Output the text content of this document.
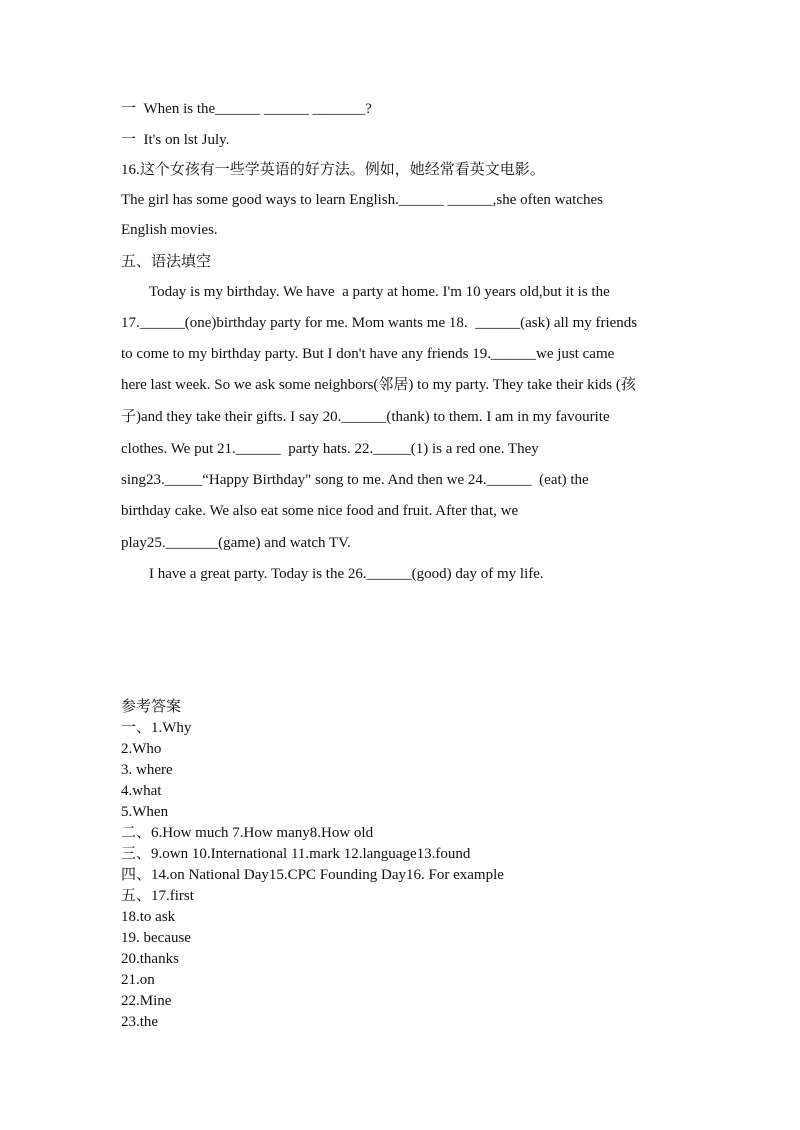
一  When is the______ ______ _______?
一  It's on lst July.
16.这个女孩有一些学英语的好方法。例如，她经常看英文电影。
The girl has some good ways to learn English.______ ______,she often watches
English movies.
五、语法填空
Today is my birthday. We have  a party at home. I'm 10 years old,but it is the
17.______(one)birthday party for me. Mom wants me 18.  ______(ask) all my friends
to come to my birthday party. But I don't have any friends 19.______we just came
here last week. So we ask some neighbors(邻居) to my party. They take their kids (孩
子)and they take their gifts. I say 20.______(thank) to them. I am in my favourite
clothes. We put 21.______  party hats. 22._____(1) is a red one. They
sing23._____“Happy Birthday" song to me. And then we 24.______  (eat) the
birthday cake. We also eat some nice food and fruit. After that, we
play25._______(game) and watch TV.
I have a great party. Today is the 26.______(good) day of my life.
参考答案
一、1.Why
2.Who
3. where
4.what
5.When
二、6.How much 7.How many8.How old
三、9.own 10.International 11.mark 12.language13.found
四、14.on National Day15.CPC Founding Day16. For example
五、17.first
18.to ask
19. because
20.thanks
21.on
22.Mine
23.the
